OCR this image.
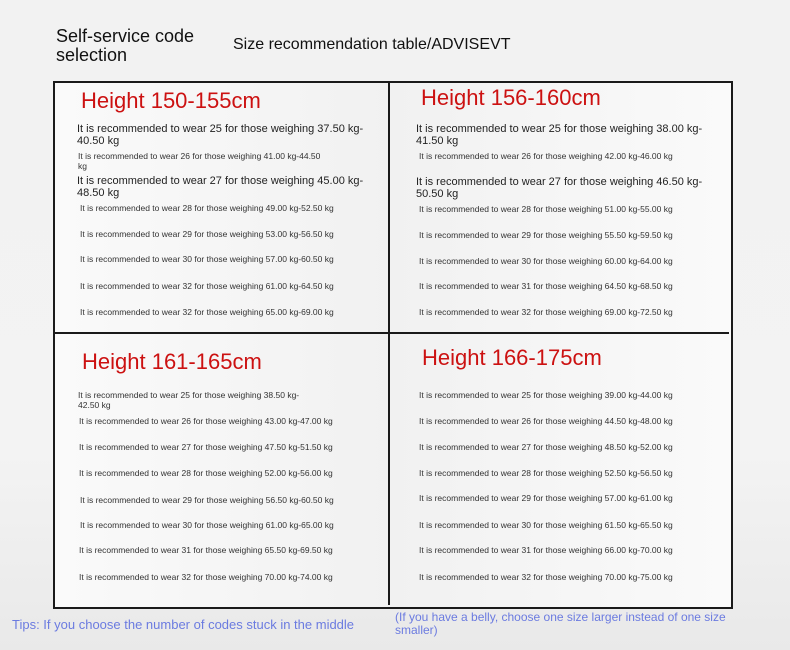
Self-service code selection
Size recommendation table/ADVISEVT
Height 150-155cm
It is recommended to wear 25 for those weighing 37.50 kg-40.50 kg
It is recommended to wear 26 for those weighing 41.00 kg-44.50 kg
It is recommended to wear 27 for those weighing 45.00 kg-48.50 kg
It is recommended to wear 28 for those weighing 49.00 kg-52.50 kg
It is recommended to wear 29 for those weighing 53.00 kg-56.50 kg
It is recommended to wear 30 for those weighing 57.00 kg-60.50 kg
It is recommended to wear 32 for those weighing 61.00 kg-64.50 kg
It is recommended to wear 32 for those weighing 65.00 kg-69.00 kg
Height 156-160cm
It is recommended to wear 25 for those weighing 38.00 kg-41.50 kg
It is recommended to wear 26 for those weighing 42.00 kg-46.00 kg
It is recommended to wear 27 for those weighing 46.50 kg-50.50 kg
It is recommended to wear 28 for those weighing 51.00 kg-55.00 kg
It is recommended to wear 29 for those weighing 55.50 kg-59.50 kg
It is recommended to wear 30 for those weighing 60.00 kg-64.00 kg
It is recommended to wear 31 for those weighing 64.50 kg-68.50 kg
It is recommended to wear 32 for those weighing 69.00 kg-72.50 kg
Height 161-165cm
It is recommended to wear 25 for those weighing 38.50 kg-42.50 kg
It is recommended to wear 26 for those weighing 43.00 kg-47.00 kg
It is recommended to wear 27 for those weighing 47.50 kg-51.50 kg
It is recommended to wear 28 for those weighing 52.00 kg-56.00 kg
It is recommended to wear 29 for those weighing 56.50 kg-60.50 kg
It is recommended to wear 30 for those weighing 61.00 kg-65.00 kg
It is recommended to wear 31 for those weighing 65.50 kg-69.50 kg
It is recommended to wear 32 for those weighing 70.00 kg-74.00 kg
Height 166-175cm
It is recommended to wear 25 for those weighing 39.00 kg-44.00 kg
It is recommended to wear 26 for those weighing 44.50 kg-48.00 kg
It is recommended to wear 27 for those weighing 48.50 kg-52.00 kg
It is recommended to wear 28 for those weighing 52.50 kg-56.50 kg
It is recommended to wear 29 for those weighing 57.00 kg-61.00 kg
It is recommended to wear 30 for those weighing 61.50 kg-65.50 kg
It is recommended to wear 31 for those weighing 66.00 kg-70.00 kg
It is recommended to wear 32 for those weighing 70.00 kg-75.00 kg
Tips: If you choose the number of codes stuck in the middle	(If you have a belly, choose one size larger instead of one size smaller)
